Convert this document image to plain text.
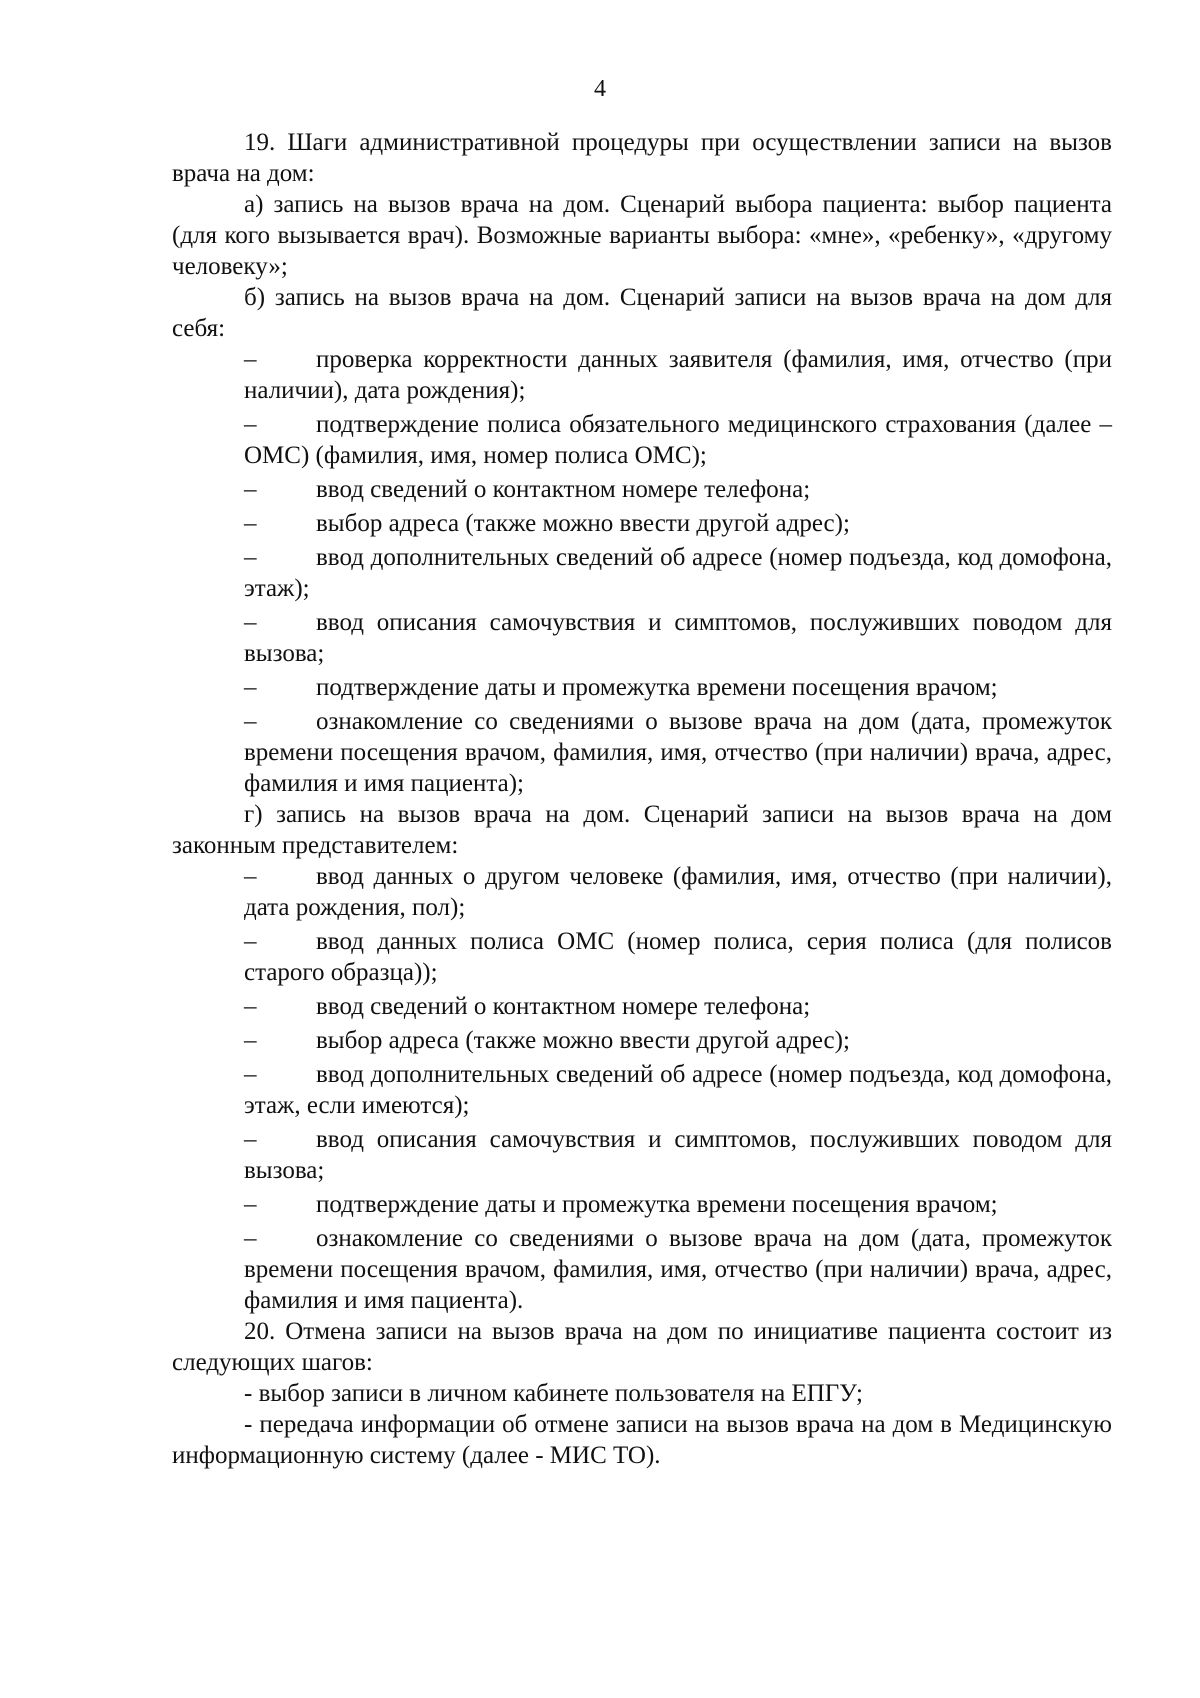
4

19. Шаги административной процедуры при осуществлении записи на вызов врача на дом:

а) запись на вызов врача на дом. Сценарий выбора пациента: выбор пациента (для кого вызывается врач). Возможные варианты выбора: «мне», «ребенку», «другому человеку»;

б) запись на вызов врача на дом. Сценарий записи на вызов врача на дом для себя:

– проверка корректности данных заявителя (фамилия, имя, отчество (при наличии), дата рождения);

– подтверждение полиса обязательного медицинского страхования (далее – ОМС) (фамилия, имя, номер полиса ОМС);

– ввод сведений о контактном номере телефона;

– выбор адреса (также можно ввести другой адрес);

– ввод дополнительных сведений об адресе (номер подъезда, код домофона, этаж);

– ввод описания самочувствия и симптомов, послуживших поводом для вызова;

– подтверждение даты и промежутка времени посещения врачом;

– ознакомление со сведениями о вызове врача на дом (дата, промежуток времени посещения врачом, фамилия, имя, отчество (при наличии) врача, адрес, фамилия и имя пациента);

г) запись на вызов врача на дом. Сценарий записи на вызов врача на дом законным представителем:

– ввод данных о другом человеке (фамилия, имя, отчество (при наличии), дата рождения, пол);

– ввод данных полиса ОМС (номер полиса, серия полиса (для полисов старого образца));

– ввод сведений о контактном номере телефона;

– выбор адреса (также можно ввести другой адрес);

– ввод дополнительных сведений об адресе (номер подъезда, код домофона, этаж, если имеются);

– ввод описания самочувствия и симптомов, послуживших поводом для вызова;

– подтверждение даты и промежутка времени посещения врачом;

– ознакомление со сведениями о вызове врача на дом (дата, промежуток времени посещения врачом, фамилия, имя, отчество (при наличии) врача, адрес, фамилия и имя пациента).

20. Отмена записи на вызов врача на дом по инициативе пациента состоит из следующих шагов:

- выбор записи в личном кабинете пользователя на ЕПГУ;

- передача информации об отмене записи на вызов врача на дом в Медицинскую информационную систему (далее - МИС ТО).
